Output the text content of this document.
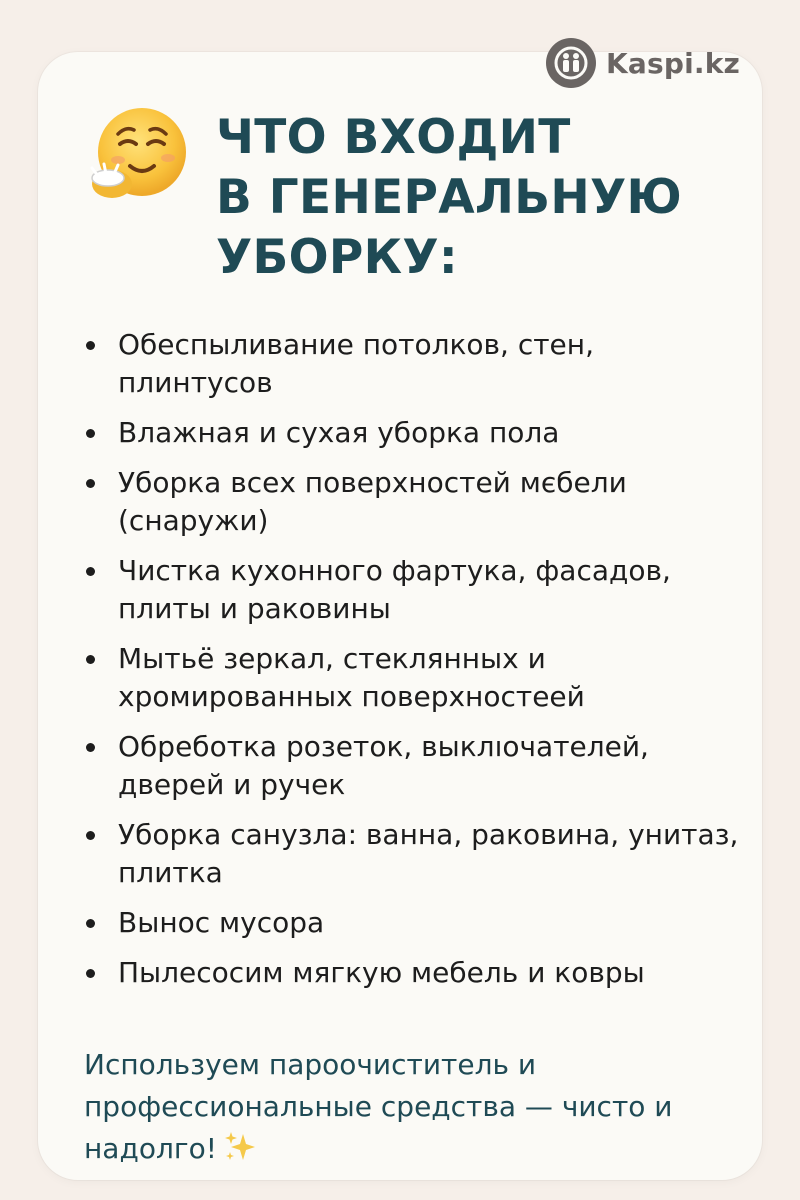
Kaspi.kz
ЧТО ВХОДИТ
В ГЕНЕРАЛЬНУЮ
УБОРКУ:
Обеспыливание потолков, стен, плинтусов
Влажная и сухая уборка пола
Уборка всех поверхностей мєбели (снаружи)
Чистка кухонного фартука, фасадов, плиты и раковины
Мытьё зеркал, стеклянных и хромированных поверхностеей
Обреботка розеток, выклıочателей, дверей и ручек
Уборка санузла: ванна, раковина, унитаз, плитка
Вынос мусора
Пылесосим мягкую мебель и ковры
Используем пароочиститель и профессиональные средства — чисто и надолго!
